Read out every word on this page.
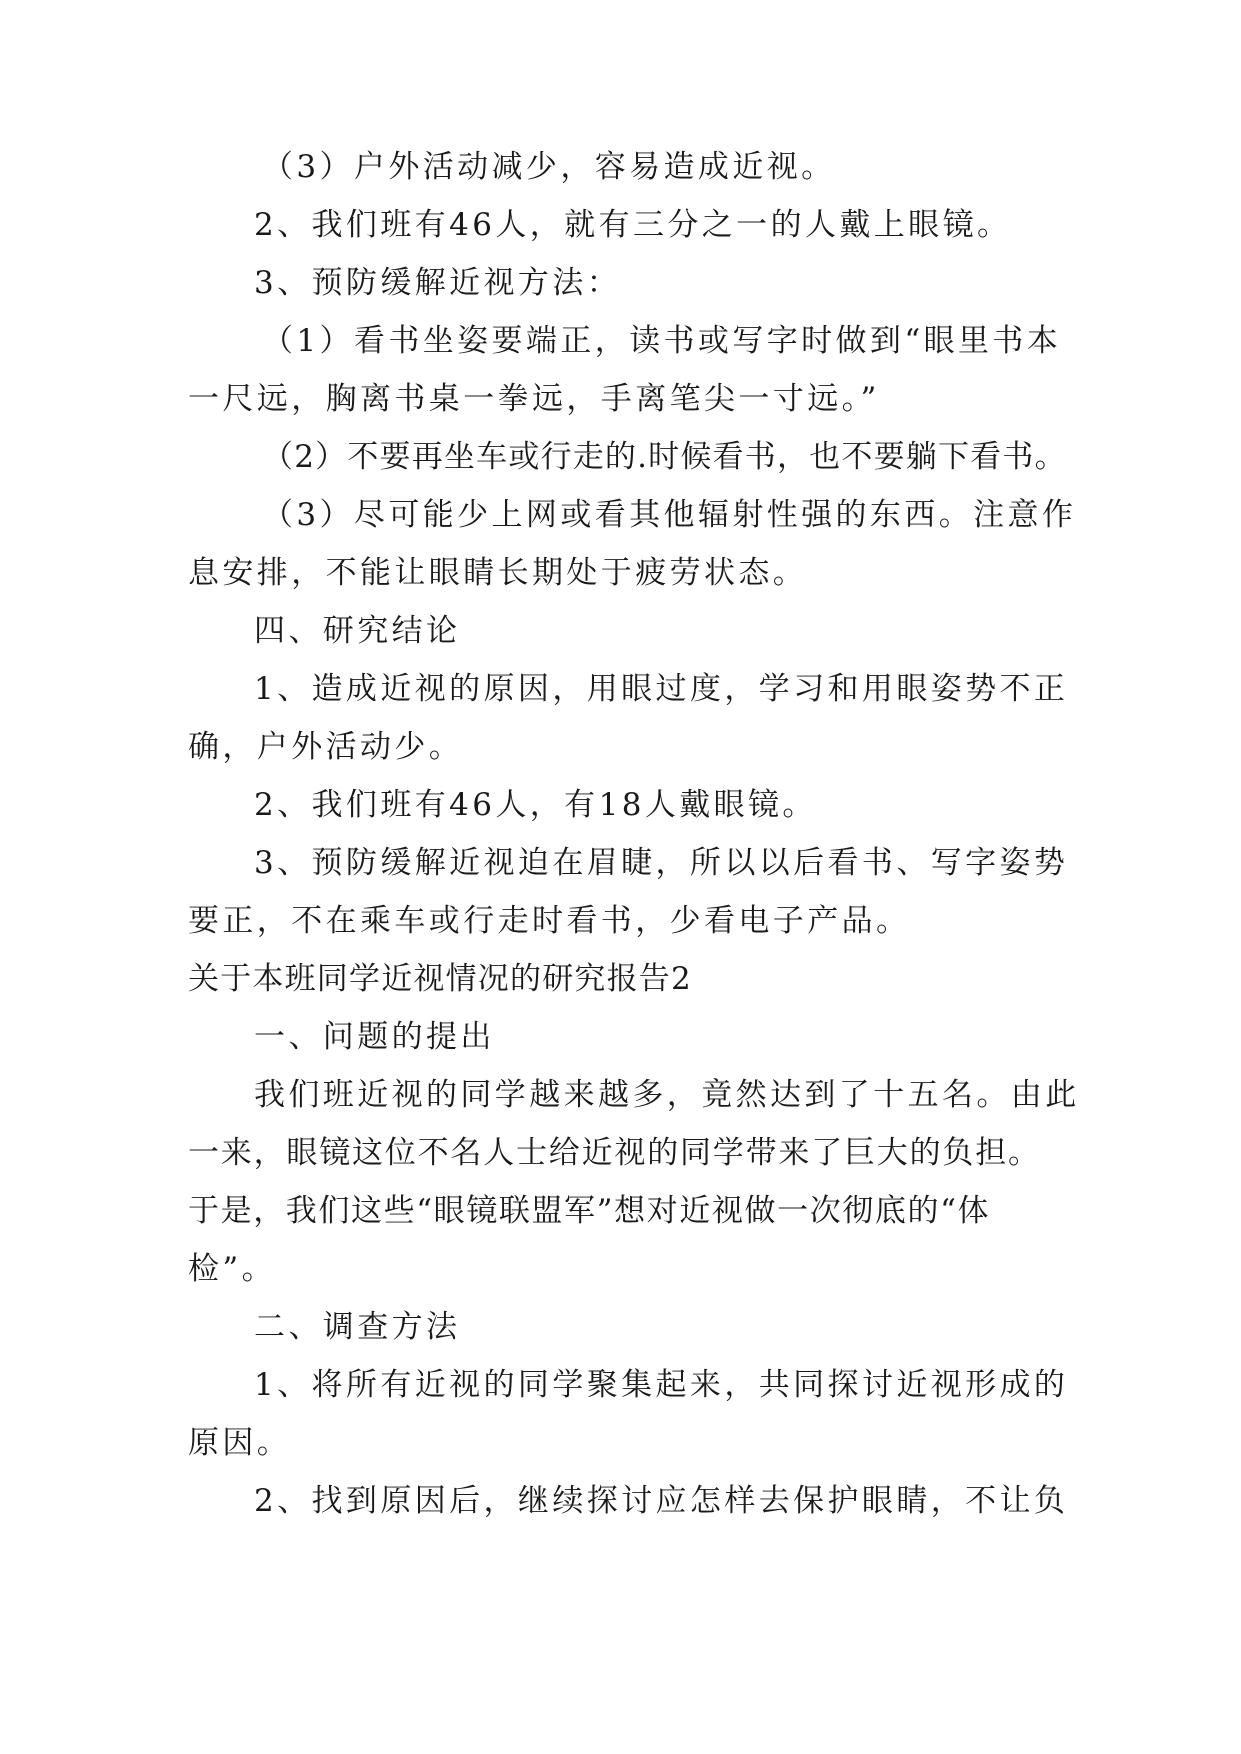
（3）户外活动减少，容易造成近视。
2、我们班有46人，就有三分之一的人戴上眼镜。
3、预防缓解近视方法：
（1）看书坐姿要端正，读书或写字时做到“眼里书本
一尺远，胸离书桌一拳远，手离笔尖一寸远。”
（2）不要再坐车或行走的.时候看书，也不要躺下看书。
（3）尽可能少上网或看其他辐射性强的东西。注意作
息安排，不能让眼睛长期处于疲劳状态。
四、研究结论
1、造成近视的原因，用眼过度，学习和用眼姿势不正
确，户外活动少。
2、我们班有46人，有18人戴眼镜。
3、预防缓解近视迫在眉睫，所以以后看书、写字姿势
要正，不在乘车或行走时看书，少看电子产品。
关于本班同学近视情况的研究报告2
一、问题的提出
我们班近视的同学越来越多，竟然达到了十五名。由此
一来，眼镜这位不名人士给近视的同学带来了巨大的负担。
于是，我们这些“眼镜联盟军”想对近视做一次彻底的“体
检”。
二、调查方法
1、将所有近视的同学聚集起来，共同探讨近视形成的
原因。
2、找到原因后，继续探讨应怎样去保护眼睛，不让负
